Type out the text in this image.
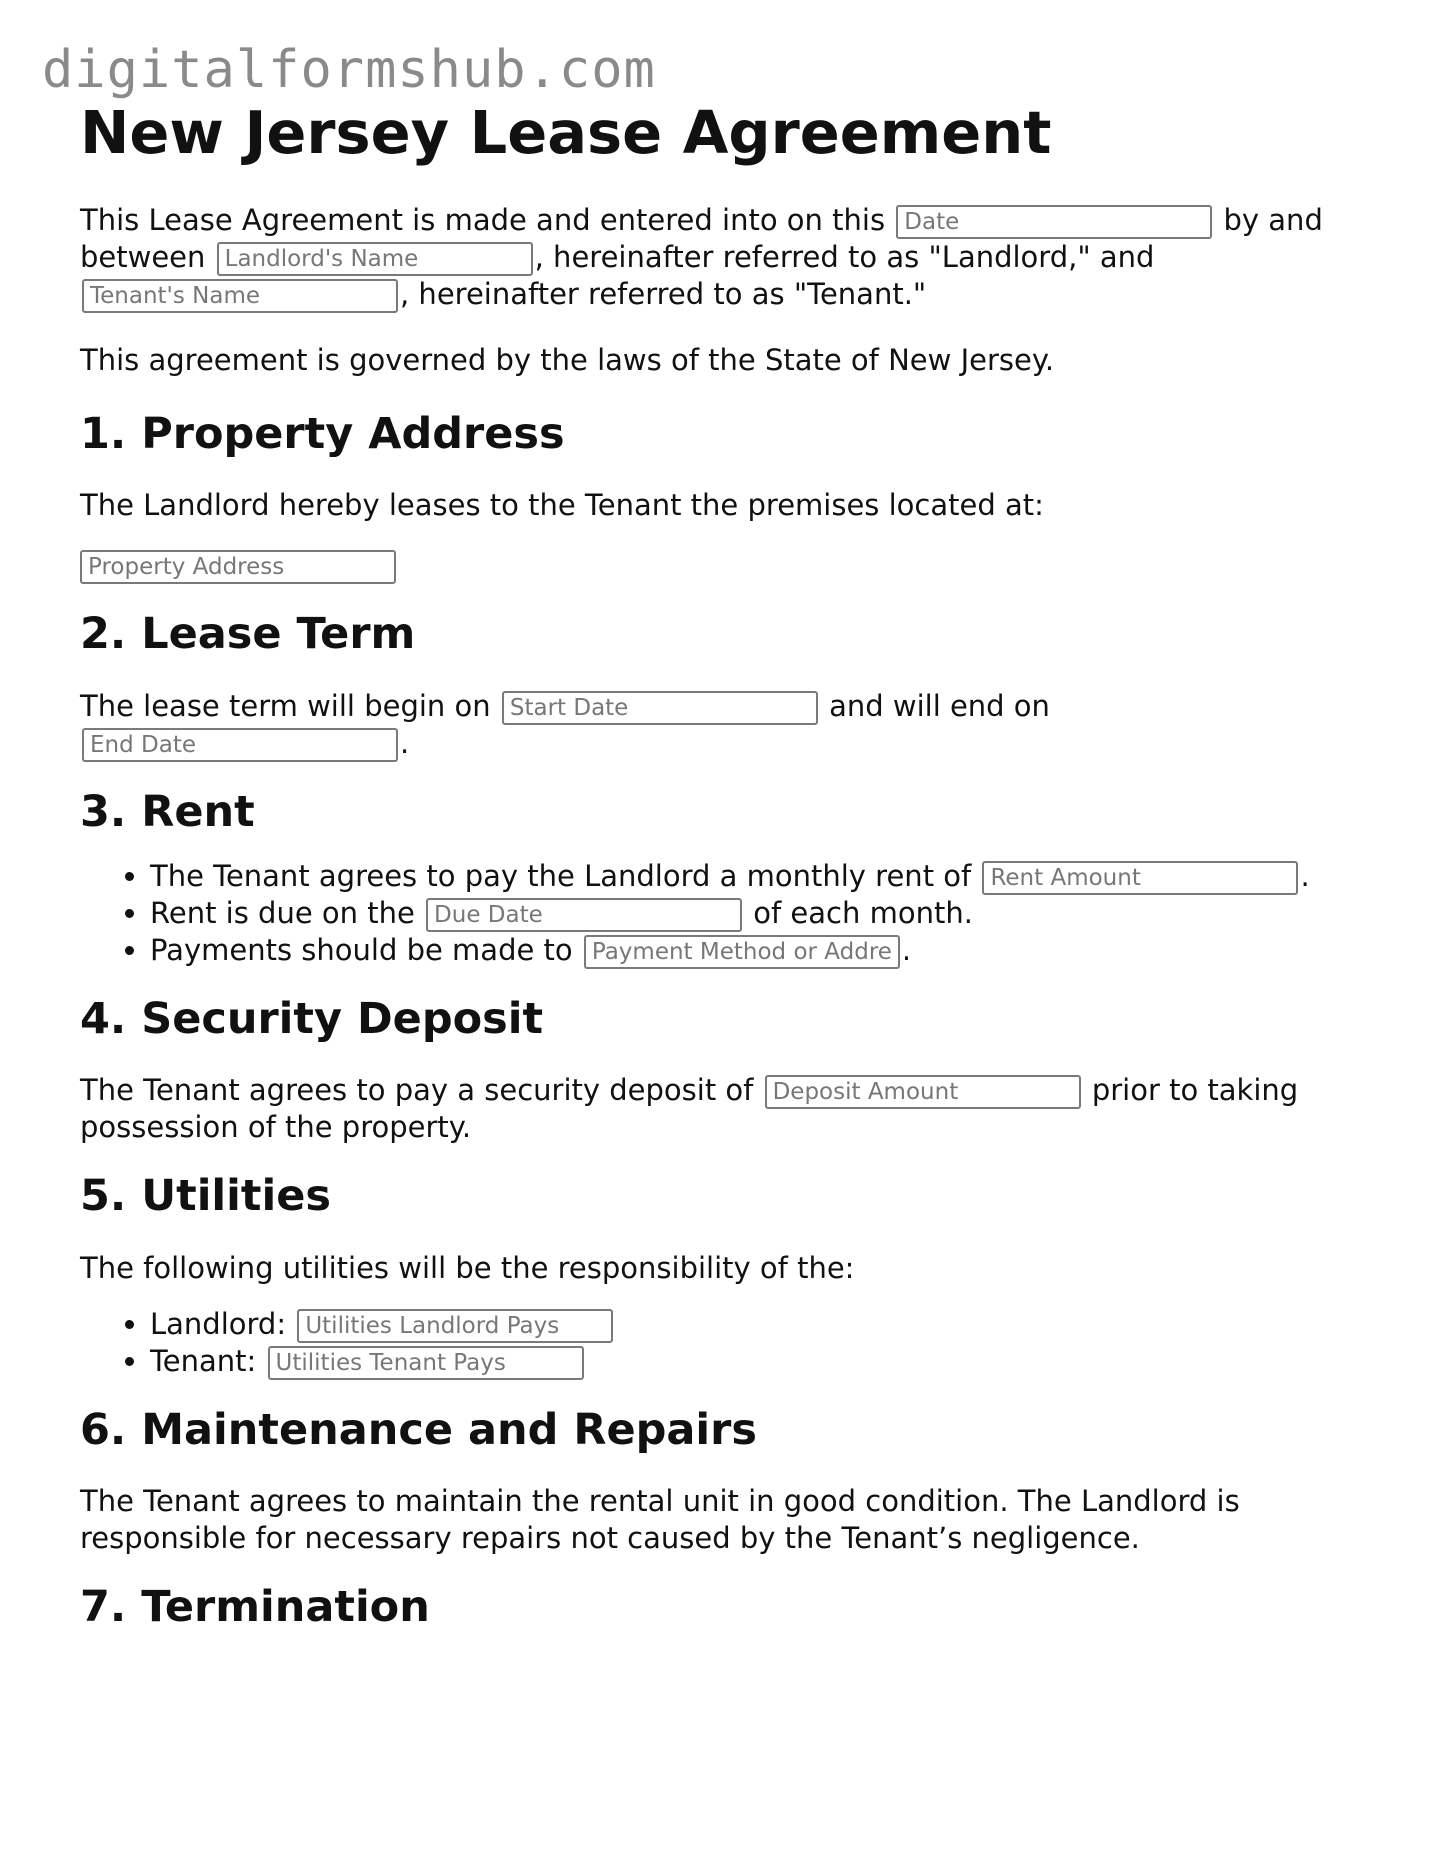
digitalformshub.com
New Jersey Lease Agreement

This Lease Agreement is made and entered into on this Date	by and between Landlord's Name	, hereinafter referred to as "Landlord," and Tenant's Name, hereinafter referred to as "Tenant."

This agreement is governed by the laws of the State of New Jersey.

1. Property Address

The Landlord hereby leases to the Tenant the premises located at:

Property Address
2. Lease Term

The lease term will begin on Start Date	and will end on End Date.

3. Rent
• The Tenant agrees to pay the Landlord a monthly rent of Rent Amount	.
• Rent is due on the Due Date	of each month.
• Payments should be made to Payment Method or Address	.
4. Security Deposit

The Tenant agrees to pay a security deposit of Deposit Amount	prior to taking possession of the property.

5. Utilities

The following utilities will be the responsibility of the:

• Landlord: Utilities Landlord Pays
• Tenant: Utilities Tenant Pays
6. Maintenance and Repairs

The Tenant agrees to maintain the rental unit in good condition. The Landlord is responsible for necessary repairs not caused by the Tenant’s negligence.

7. Termination
